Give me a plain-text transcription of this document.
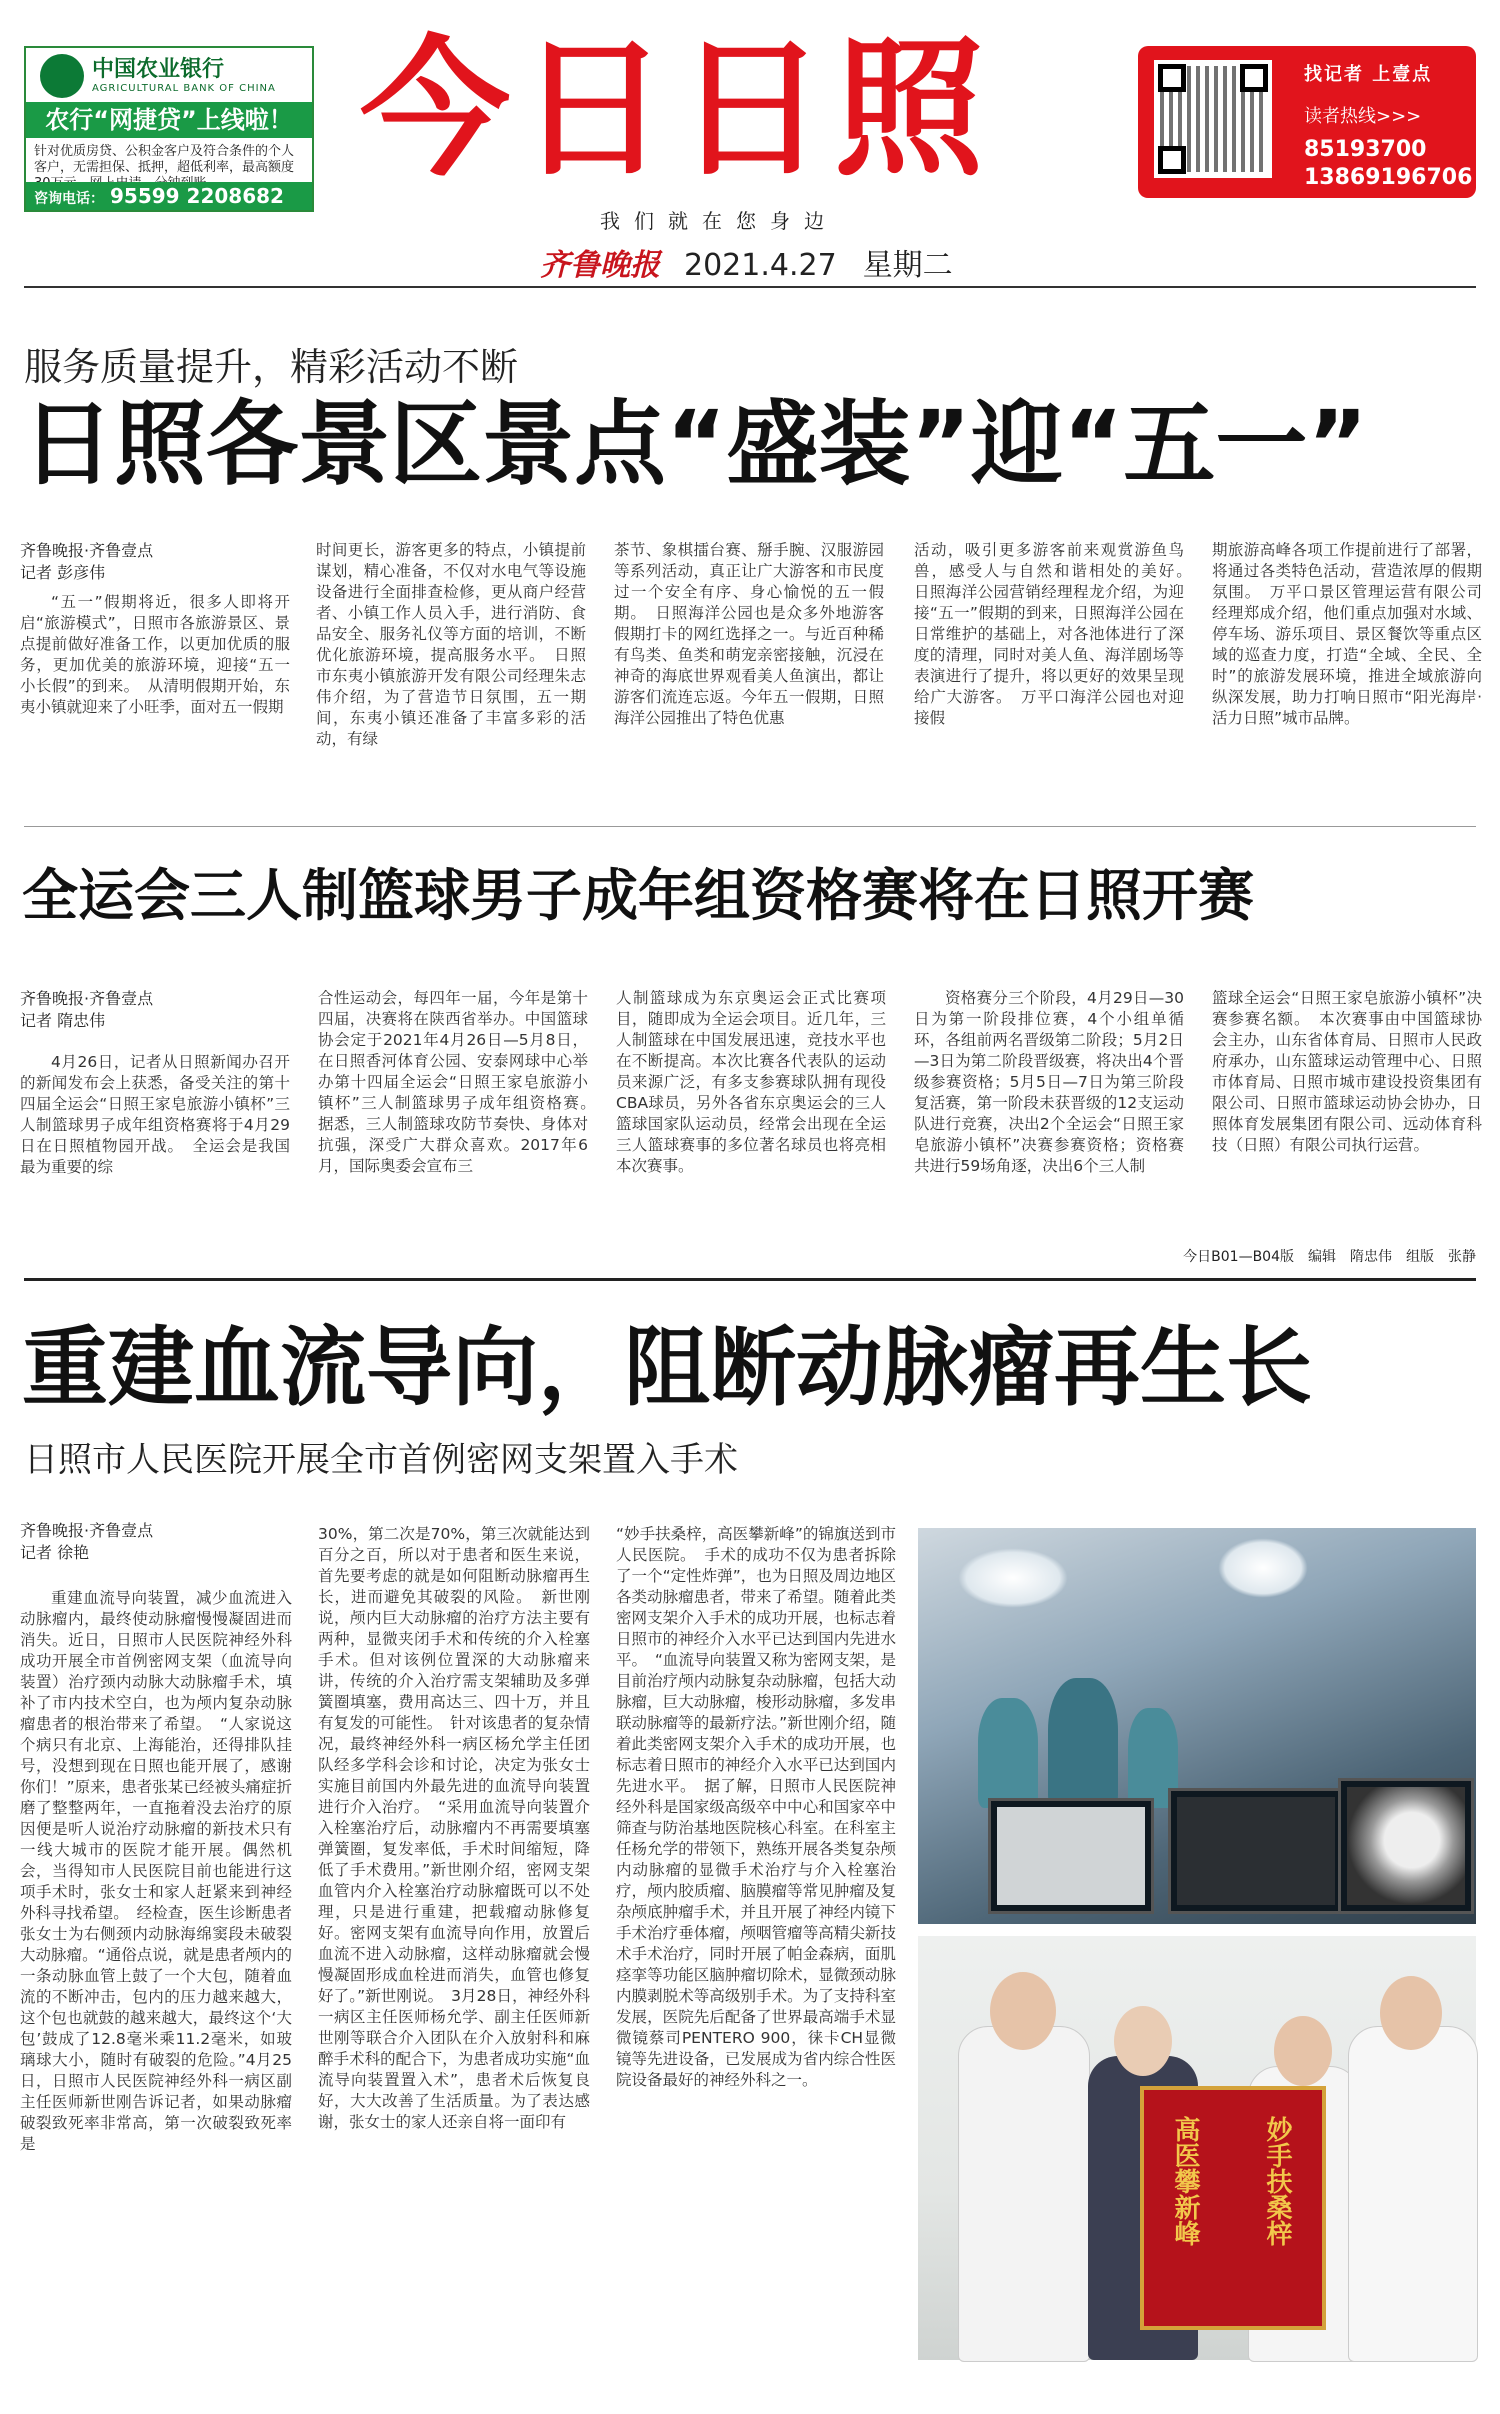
中国农业银行
AGRICULTURAL BANK OF CHINA
农行“网捷贷”上线啦！
针对优质房贷、公积金客户及符合条件的个人客户，无需担保、抵押，超低利率，最高额度
咨询电话： 95599 2208682 今日日照
我们就在您身边
齐鲁晚报 2021.4.27 星期二
找记者 上壹点
读者热线>>>
85193700
13869196706
服务质量提升，精彩活动不断
日照各景区景点“盛装”迎“五一”
齐鲁晚报·齐鲁壹点
记者 彭彦伟
“五一”假期将近，很多人即将开启“旅游模式”，日照市各旅游景区、景点提前做好准备工作，以更加优质的服务，更加优美的旅游环境，迎接“五一小长假”的到来。　从清明假期开始，东夷小镇就迎来了小旺季，面对五一假期
时间更长，游客更多的特点，小镇提前谋划，精心准备，不仅对水电气等设施设备进行全面排查检修，更从商户经营者、小镇工作人员入手，进行消防、食品安全、服务礼仪等方面的培训，不断优化旅游环境，提高服务水平。　日照市东夷小镇旅游开发有限公司经理朱志伟介绍，为了营造节日氛围，五一期间，东夷小镇还准备了丰富多彩的活动，有绿
茶节、象棋擂台赛、掰手腕、汉服游园等系列活动，真正让广大游客和市民度过一个安全有序、身心愉悦的五一假期。　日照海洋公园也是众多外地游客假期打卡的网红选择之一。与近百种稀有鸟类、鱼类和萌宠亲密接触，沉浸在神奇的海底世界观看美人鱼演出，都让游客们流连忘返。今年五一假期，日照海洋公园推出了特色优惠
活动，吸引更多游客前来观赏游鱼鸟兽，感受人与自然和谐相处的美好。　日照海洋公园营销经理程龙介绍，为迎接“五一”假期的到来，日照海洋公园在日常维护的基础上，对各池体进行了深度的清理，同时对美人鱼、海洋剧场等表演进行了提升，将以更好的效果呈现给广大游客。　万平口海洋公园也对迎接假
期旅游高峰各项工作提前进行了部署，将通过各类特色活动，营造浓厚的假期氛围。　万平口景区管理运营有限公司经理郑成介绍，他们重点加强对水域、停车场、游乐项目、景区餐饮等重点区域的巡查力度，打造“全域、全民、全时”的旅游发展环境，推进全域旅游向纵深发展，助力打响日照市“阳光海岸·活力日照”城市品牌。
全运会三人制篮球男子成年组资格赛将在日照开赛
齐鲁晚报·齐鲁壹点
记者 隋忠伟
4月26日，记者从日照新闻办召开的新闻发布会上获悉，备受关注的第十四届全运会“日照王家皂旅游小镇杯”三人制篮球男子成年组资格赛将于4月29日在日照植物园开战。　全运会是我国最为重要的综
合性运动会，每四年一届，今年是第十四届，决赛将在陕西省举办。中国篮球协会定于2021年4月26日—5月8日，在日照香河体育公园、安泰网球中心举办第十四届全运会“日照王家皂旅游小镇杯”三人制篮球男子成年组资格赛。　据悉，三人制篮球攻防节奏快、身体对抗强，深受广大群众喜欢。2017年6月，国际奥委会宣布三
人制篮球成为东京奥运会正式比赛项目，随即成为全运会项目。近几年，三人制篮球在中国发展迅速，竞技水平也在不断提高。本次比赛各代表队的运动员来源广泛，有多支参赛球队拥有现役CBA球员，另外各省东京奥运会的三人篮球国家队运动员，经常会出现在全运三人篮球赛事的多位著名球员也将亮相本次赛事。
资格赛分三个阶段，4月29日—30日为第一阶段排位赛，4个小组单循环，各组前两名晋级第二阶段；5月2日—3日为第二阶段晋级赛，将决出4个晋级参赛资格；5月5日—7日为第三阶段复活赛，第一阶段未获晋级的12支运动队进行竞赛，决出2个全运会“日照王家皂旅游小镇杯”决赛参赛资格；资格赛共进行59场角逐，决出6个三人制
篮球全运会“日照王家皂旅游小镇杯”决赛参赛名额。　本次赛事由中国篮球协会主办，山东省体育局、日照市人民政府承办，山东篮球运动管理中心、日照市体育局、日照市城市建设投资集团有限公司、日照市篮球运动协会协办，日照体育发展集团有限公司、远动体育科技（日照）有限公司执行运营。
今日B01—B04版　编辑　隋忠伟　组版　张静
重建血流导向，阻断动脉瘤再生长
日照市人民医院开展全市首例密网支架置入手术
齐鲁晚报·齐鲁壹点
记者 徐艳
重建血流导向装置，减少血流进入动脉瘤内，最终使动脉瘤慢慢凝固进而消失。近日，日照市人民医院神经外科成功开展全市首例密网支架（血流导向装置）治疗颈内动脉大动脉瘤手术，填补了市内技术空白，也为颅内复杂动脉瘤患者的根治带来了希望。　“人家说这个病只有北京、上海能治，还得排队挂号，没想到现在日照也能开展了，感谢你们！”原来，患者张某已经被头痛症折磨了整整两年，一直拖着没去治疗的原因便是听人说治疗动脉瘤的新技术只有一线大城市的医院才能开展。偶然机会，当得知市人民医院目前也能进行这项手术时，张女士和家人赶紧来到神经外科寻找希望。　经检查，医生诊断患者张女士为右侧颈内动脉海绵窦段未破裂大动脉瘤。“通俗点说，就是患者颅内的一条动脉血管上鼓了一个大包，随着血流的不断冲击，包内的压力越来越大，这个包也就鼓的越来越大，最终这个‘大包’鼓成了12.8毫米乘11.2毫米，如玻璃球大小，随时有破裂的危险。”4月25日，日照市人民医院神经外科一病区副主任医师新世刚告诉记者，如果动脉瘤破裂致死率非常高，第一次破裂致死率是
30%，第二次是70%，第三次就能达到百分之百，所以对于患者和医生来说，首先要考虑的就是如何阻断动脉瘤再生长，进而避免其破裂的风险。　新世刚说，颅内巨大动脉瘤的治疗方法主要有两种，显微夹闭手术和传统的介入栓塞手术。但对该例位置深的大动脉瘤来讲，传统的介入治疗需支架辅助及多弹簧圈填塞，费用高达三、四十万，并且有复发的可能性。　针对该患者的复杂情况，最终神经外科一病区杨允学主任团队经多学科会诊和讨论，决定为张女士实施目前国内外最先进的血流导向装置进行介入治疗。　“采用血流导向装置介入栓塞治疗后，动脉瘤内不再需要填塞弹簧圈，复发率低，手术时间缩短，降低了手术费用。”新世刚介绍，密网支架血管内介入栓塞治疗动脉瘤既可以不处理，只是进行重建，把载瘤动脉修复好。密网支架有血流导向作用，放置后血流不进入动脉瘤，这样动脉瘤就会慢慢凝固形成血栓进而消失，血管也修复好了。”新世刚说。　3月28日，神经外科一病区主任医师杨允学、副主任医师新世刚等联合介入团队在介入放射科和麻醉手术科的配合下，为患者成功实施“血流导向装置置入术”，患者术后恢复良好，大大改善了生活质量。为了表达感谢，张女士的家人还亲自将一面印有
“妙手扶桑梓，高医攀新峰”的锦旗送到市人民医院。　手术的成功不仅为患者拆除了一个“定性炸弹”，也为日照及周边地区各类动脉瘤患者，带来了希望。随着此类密网支架介入手术的成功开展，也标志着日照市的神经介入水平已达到国内先进水平。　“血流导向装置又称为密网支架，是目前治疗颅内动脉复杂动脉瘤，包括大动脉瘤，巨大动脉瘤，梭形动脉瘤，多发串联动脉瘤等的最新疗法。”新世刚介绍，随着此类密网支架介入手术的成功开展，也标志着日照市的神经介入水平已达到国内先进水平。　据了解，日照市人民医院神经外科是国家级高级卒中中心和国家卒中筛查与防治基地医院核心科室。在科室主任杨允学的带领下，熟练开展各类复杂颅内动脉瘤的显微手术治疗与介入栓塞治疗，颅内胶质瘤、脑膜瘤等常见肿瘤及复杂颅底肿瘤手术，并且开展了神经内镜下手术治疗垂体瘤，颅咽管瘤等高精尖新技术手术治疗，同时开展了帕金森病，面肌痉挛等功能区脑肿瘤切除术，显微颈动脉内膜剥脱术等高级别手术。为了支持科室发展，医院先后配备了世界最高端手术显微镜蔡司PENTERO 900，徕卡CH显微镜等先进设备，已发展成为省内综合性医院设备最好的神经外科之一。
高医攀新峰 妙手扶桑梓
